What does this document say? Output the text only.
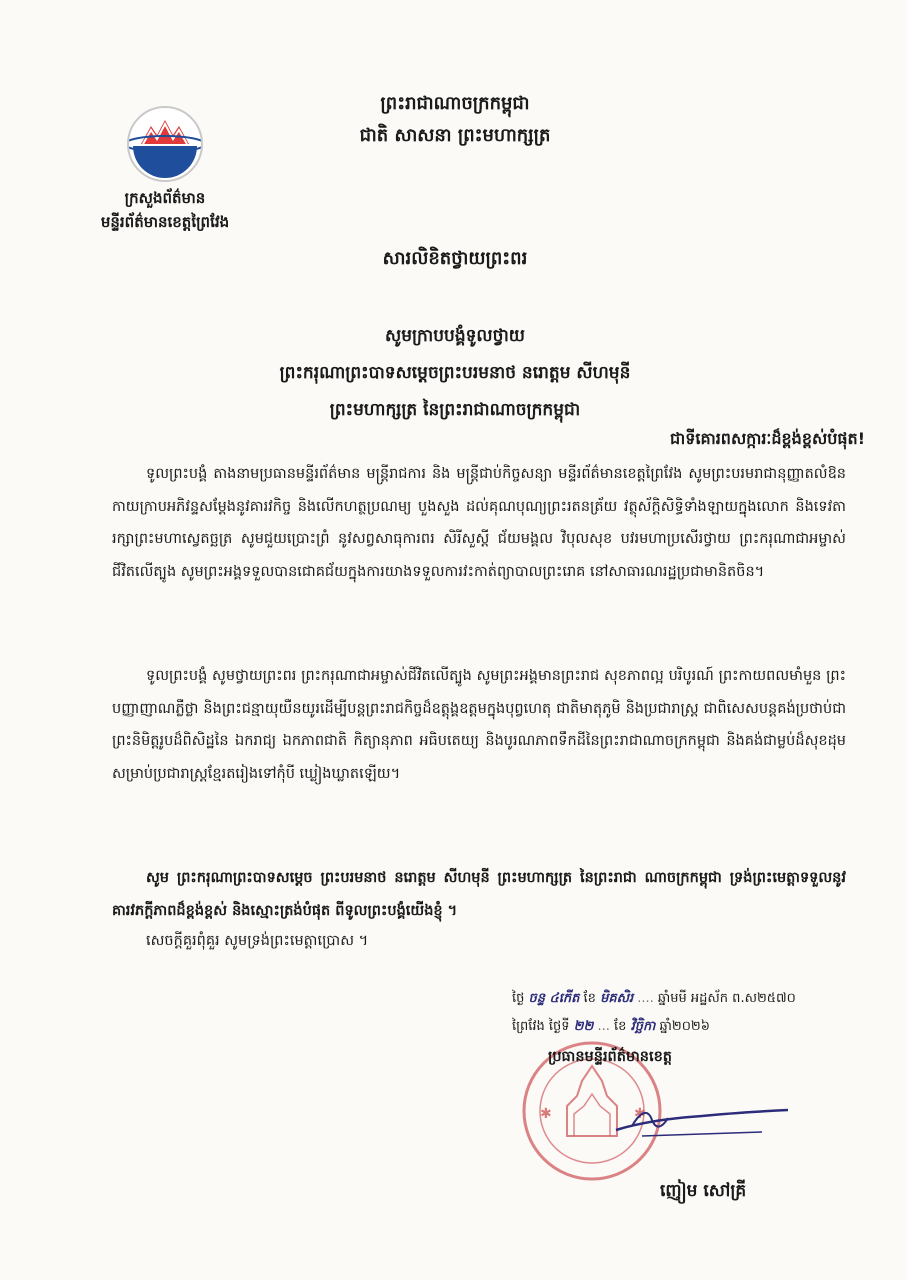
ក្រសួងព័ត៌មាន
មន្ទីរព័ត៌មានខេត្តព្រៃវែង
ព្រះរាជាណាចក្រកម្ពុជា
ជាតិ សាសនា ព្រះមហាក្សត្រ
សារលិខិតថ្វាយព្រះពរ
សូមក្រាបបង្គំទូលថ្វាយ
ព្រះករុណាព្រះបាទសម្តេចព្រះបរមនាថ នរោត្តម សីហមុនី
ព្រះមហាក្សត្រ នៃព្រះរាជាណាចក្រកម្ពុជា
ជាទីគោរពសក្ការៈដ៏ខ្ពង់ខ្ពស់បំផុត!
ទូលព្រះបង្គំ តាងនាមប្រធានមន្ទីរព័ត៌មាន មន្ត្រីរាជការ និង មន្ត្រីជាប់កិច្ចសន្យា មន្ទីរព័ត៌មានខេត្តព្រៃវែង សូមព្រះបរមរាជានុញ្ញាតលំឱនកាយក្រាបអភិវន្ទសម្តែងនូវគារវកិច្ច និងលើកហត្ថប្រណម្យ បួងសួង ដល់គុណបុណ្យព្រះរតនត្រ័យ វត្ថុស័ក្តិសិទ្ធិទាំងឡាយក្នុងលោក និងទេវតារក្សាព្រះមហាស្វេតច្ឆត្រ សូមជួយប្រោះព្រំ នូវសព្វសាធុការពរ សិរីសួស្តី ជ័យមង្គល វិបុលសុខ បវរមហាប្រសើរថ្វាយ ព្រះករុណាជាអម្ចាស់ជីវិតលើត្បូង សូមព្រះអង្គទទួលបានជោគជ័យក្នុងការយាងទទួលការវះកាត់ព្យាបាលព្រះរោគ នៅសាធារណរដ្ឋប្រជាមានិតចិន។
ទូលព្រះបង្គំ សូមថ្វាយព្រះពរ ព្រះករុណាជាអម្ចាស់ជីវិតលើត្បូង សូមព្រះអង្គមានព្រះរាជ សុខភាពល្អ បរិបូរណ៍ ព្រះកាយពលមាំមួន ព្រះបញ្ញាញាណភ្លឺថ្លា និងព្រះជន្មាយុយឺនយូរដើម្បីបន្តព្រះរាជកិច្ចដ៏ឧត្តុង្គឧត្តមក្នុងបុព្វហេតុ ជាតិមាតុភូមិ និងប្រជារាស្ត្រ ជាពិសេសបន្តគង់ប្រថាប់ជាព្រះនិមិត្តរូបដ៏ពិសិដ្ឋនៃ ឯករាជ្យ ឯកភាពជាតិ កិត្យានុភាព អធិបតេយ្យ និងបូរណភាពទឹកដីនៃព្រះរាជាណាចក្រកម្ពុជា និងគង់ជាម្លប់ដ៏សុខដុមសម្រាប់ប្រជារាស្ត្រខ្មែរតរៀងទៅកុំបី ឃ្លៀងឃ្លាតឡើយ។
សូម ព្រះករុណាព្រះបាទសម្តេច ព្រះបរមនាថ នរោត្តម សីហមុនី ព្រះមហាក្សត្រ នៃព្រះរាជា ណាចក្រកម្ពុជា ទ្រង់ព្រះមេត្តាទទួលនូវគារវភក្តីភាពដ៏ខ្ពង់ខ្ពស់ និងស្មោះត្រង់បំផុត ពីទូលព្រះបង្គំយើងខ្ញុំ ។
សេចក្តីគួរពុំគួរ សូមទ្រង់ព្រះមេត្តាប្រោស ។
ថ្ងៃ ចន្ទ ៤កើត ខែ មិគសិរ .... ឆ្នាំមមី អដ្ឋស័ក ព.ស២៥៧០
ព្រៃវែង ថ្ងៃទី ២២ ... ខែ វិច្ឆិកា ឆ្នាំ២០២៦
✱	✱
ប្រធានមន្ទីរព័ត៌មានខេត្ត
ញៀម សៅគ្រី
